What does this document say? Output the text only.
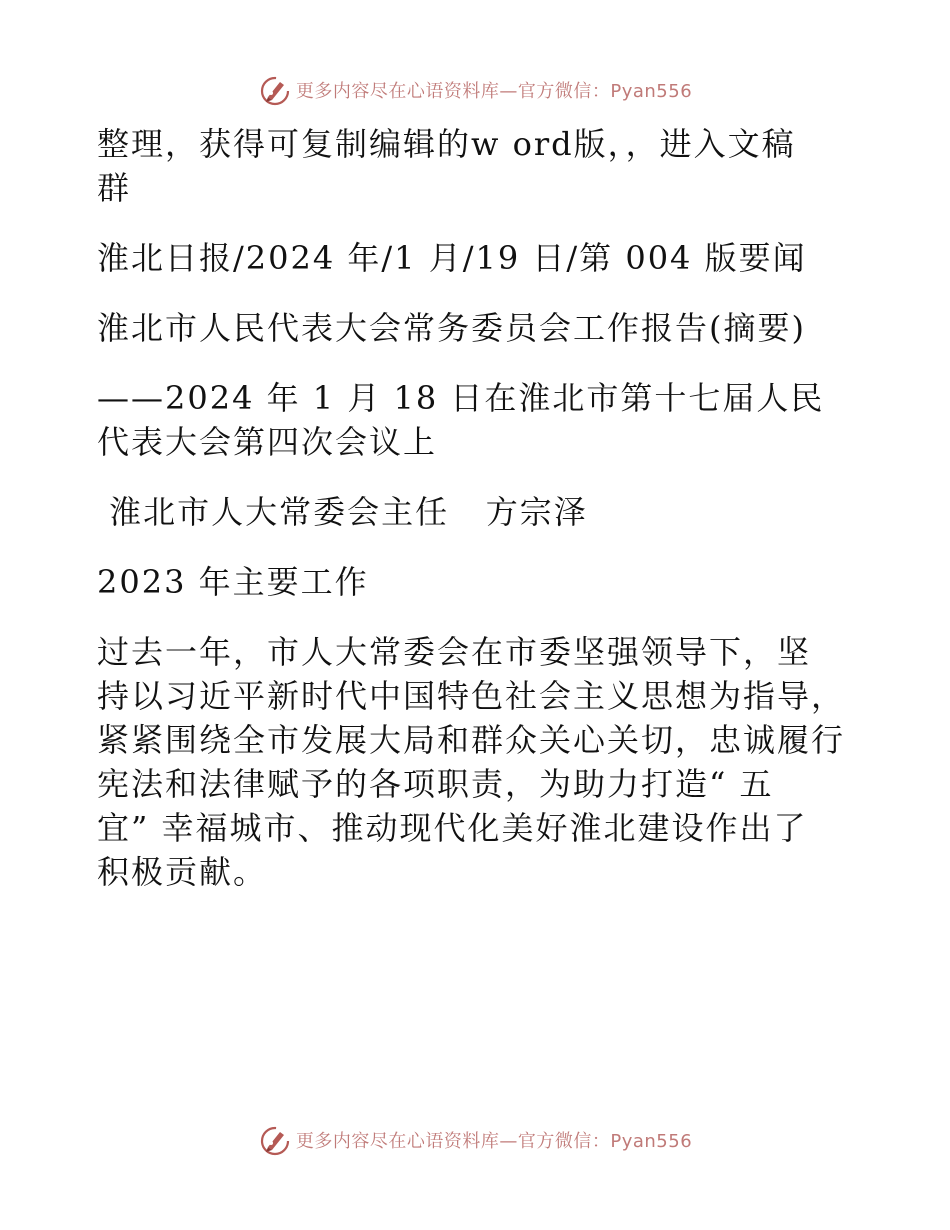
更多内容尽在心语资料库—官方微信：Pyan556
整理，获得可复制编辑的w ord版，，进入文稿
群
淮北日报/2024 年/1 月/19 日/第 004 版要闻
淮北市人民代表大会常务委员会工作报告(摘要)
——2024 年 1 月 18 日在淮北市第十七届人民
代表大会第四次会议上
淮北市人大常委会主任   方宗泽
2023 年主要工作
过去一年，市人大常委会在市委坚强领导下，坚
持以习近平新时代中国特色社会主义思想为指导，
紧紧围绕全市发展大局和群众关心关切，忠诚履行
宪法和法律赋予的各项职责，为助力打造“ 五
宜” 幸福城市、推动现代化美好淮北建设作出了
积极贡献。
更多内容尽在心语资料库—官方微信：Pyan556
